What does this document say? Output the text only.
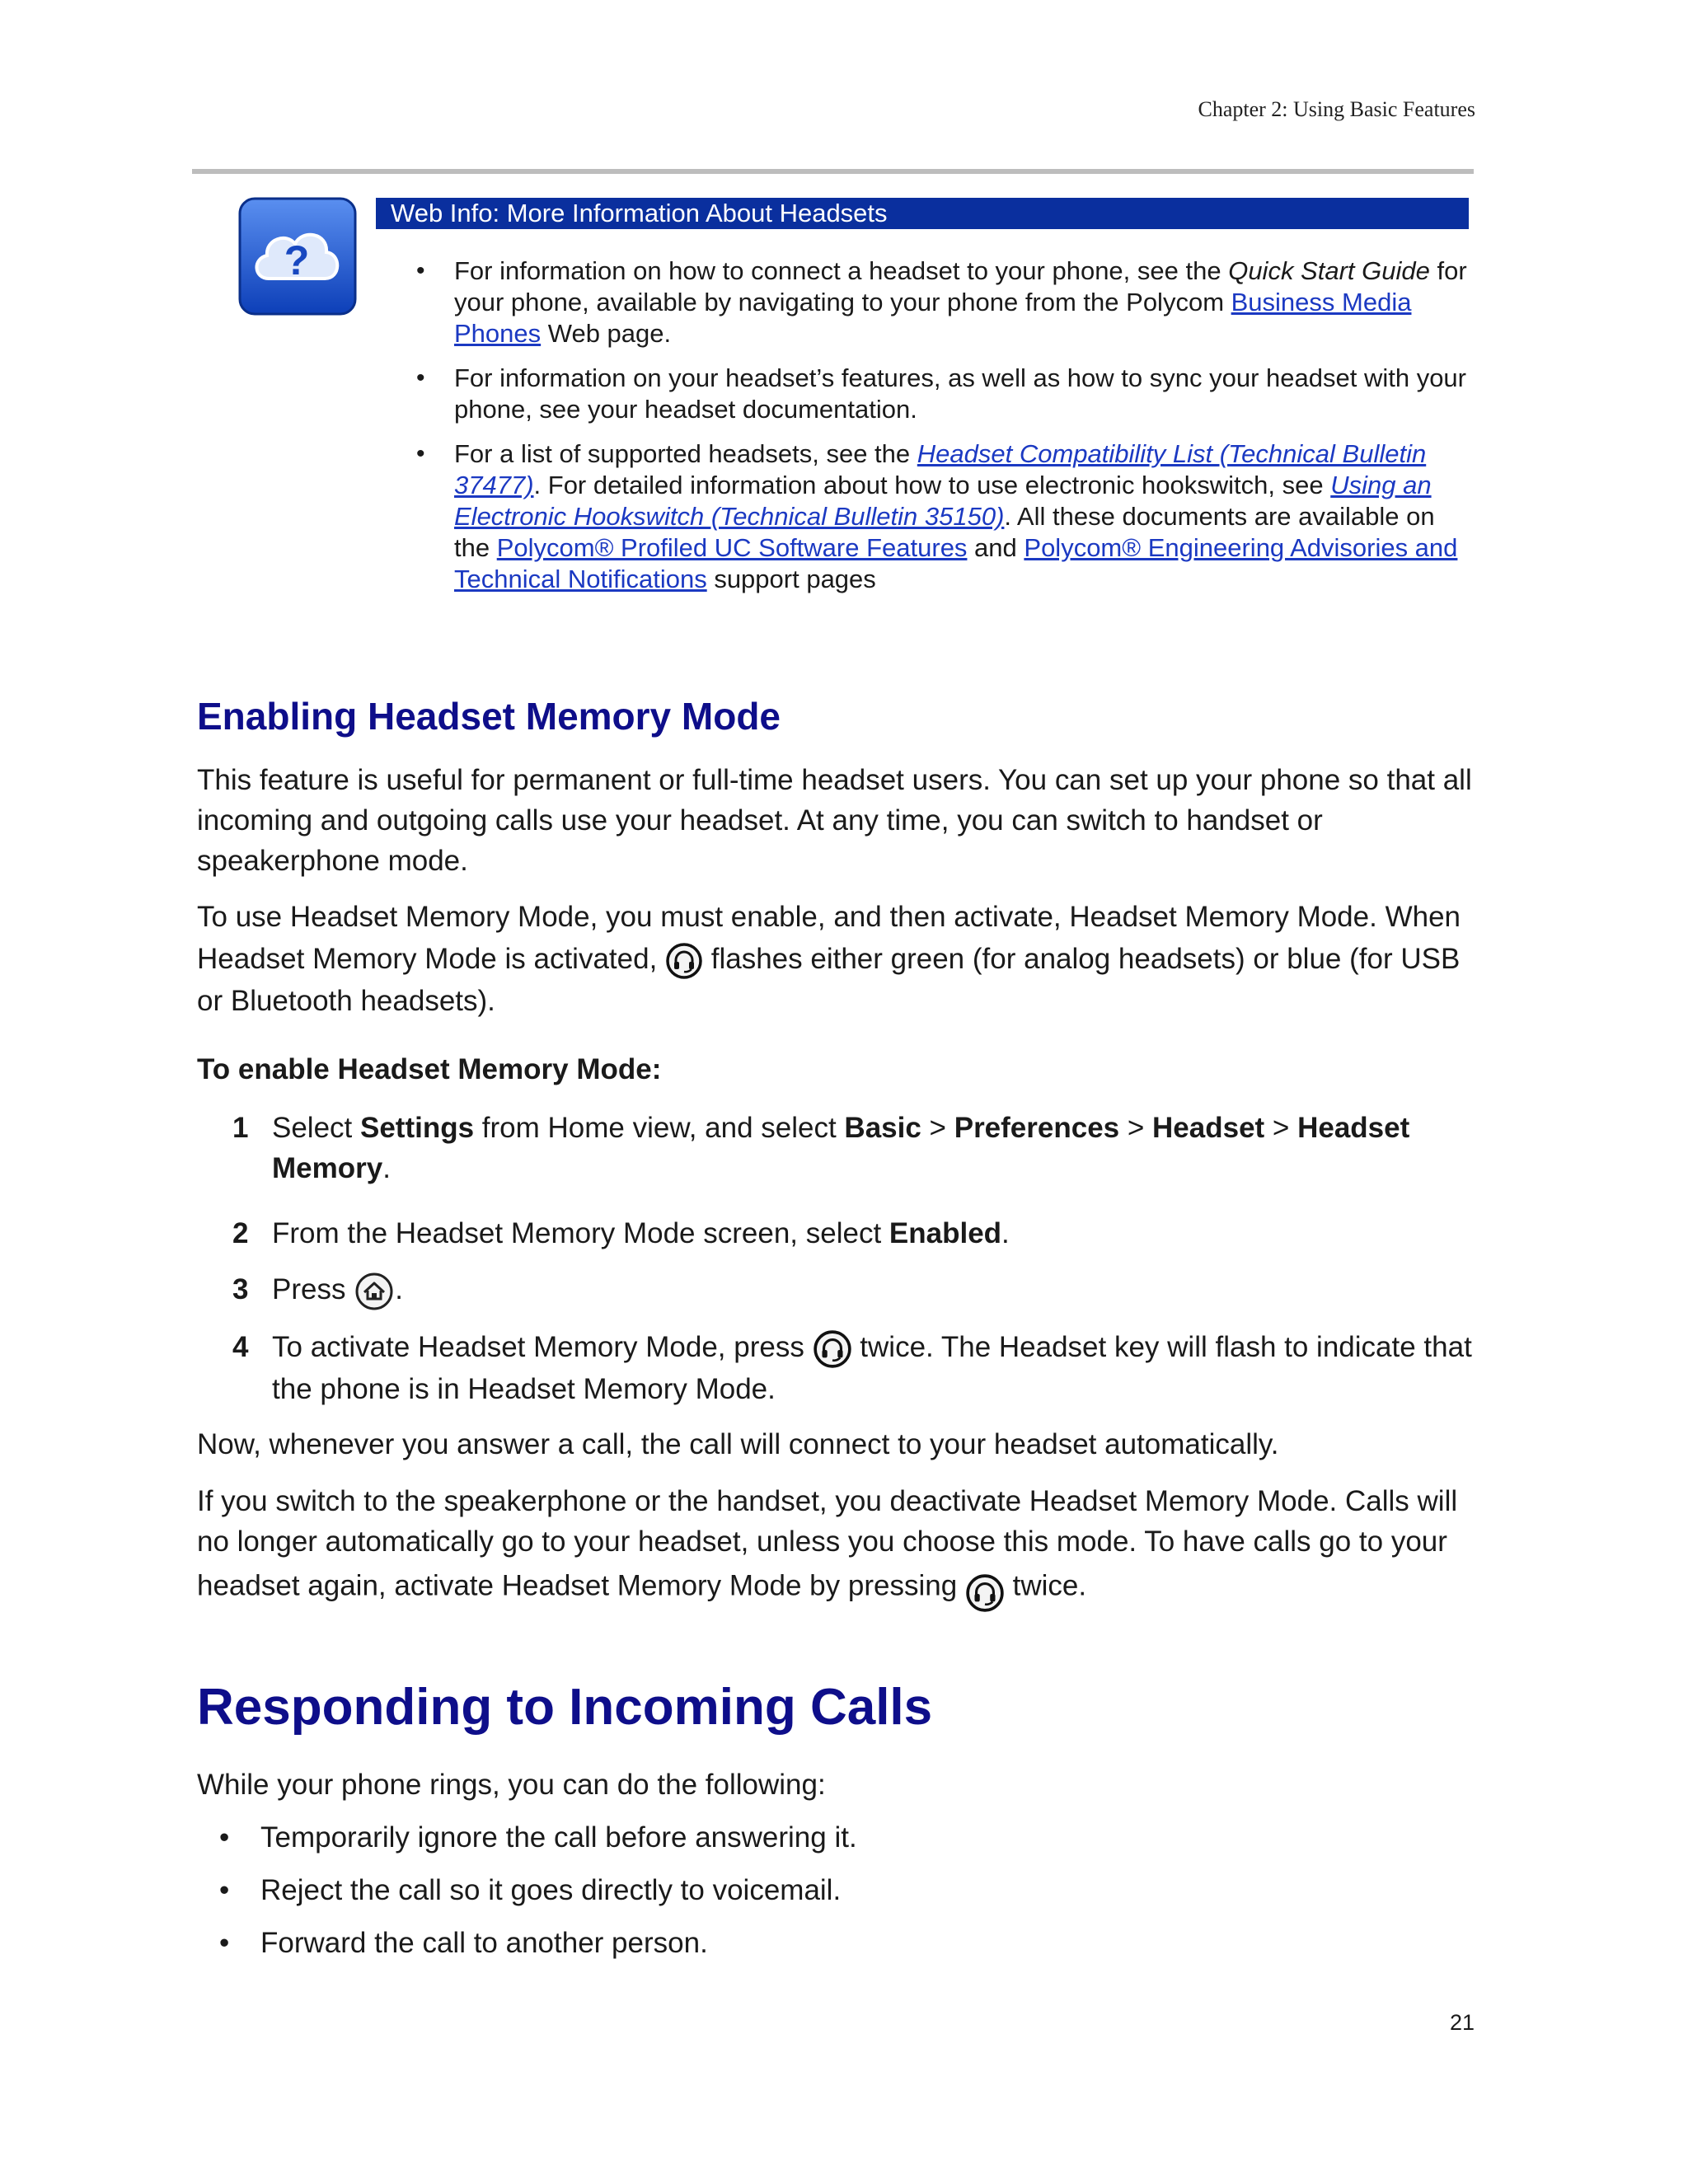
Chapter 2: Using Basic Features
?
Web Info: More Information About Headsets
• For information on how to connect a headset to your phone, see the Quick Start Guide for your phone, available by navigating to your phone from the Polycom Business Media Phones Web page.
• For information on your headset’s features, as well as how to sync your headset with your phone, see your headset documentation.
• For a list of supported headsets, see the Headset Compatibility List (Technical Bulletin 37477). For detailed information about how to use electronic hookswitch, see Using an Electronic Hookswitch (Technical Bulletin 35150). All these documents are available on the Polycom® Profiled UC Software Features and Polycom® Engineering Advisories and Technical Notifications support pages
Enabling Headset Memory Mode

This feature is useful for permanent or full-time headset users. You can set up your phone so that all incoming and outgoing calls use your headset. At any time, you can switch to handset or speakerphone mode.

To use Headset Memory Mode, you must enable, and then activate, Headset Memory Mode. When Headset Memory Mode is activated,  flashes either green (for analog headsets) or blue (for USB or Bluetooth headsets).

To enable Headset Memory Mode:
1 Select Settings from Home view, and select Basic > Preferences > Headset > Headset Memory.
2 From the Headset Memory Mode screen, select Enabled.
3 Press .
4 To activate Headset Memory Mode, press  twice. The Headset key will flash to indicate that the phone is in Headset Memory Mode.

Now, whenever you answer a call, the call will connect to your headset automatically.

If you switch to the speakerphone or the handset, you deactivate Headset Memory Mode. Calls will no longer automatically go to your headset, unless you choose this mode. To have calls go to your headset again, activate Headset Memory Mode by pressing  twice.

Responding to Incoming Calls

While your phone rings, you can do the following:

• Temporarily ignore the call before answering it.
• Reject the call so it goes directly to voicemail.
• Forward the call to another person.
21
